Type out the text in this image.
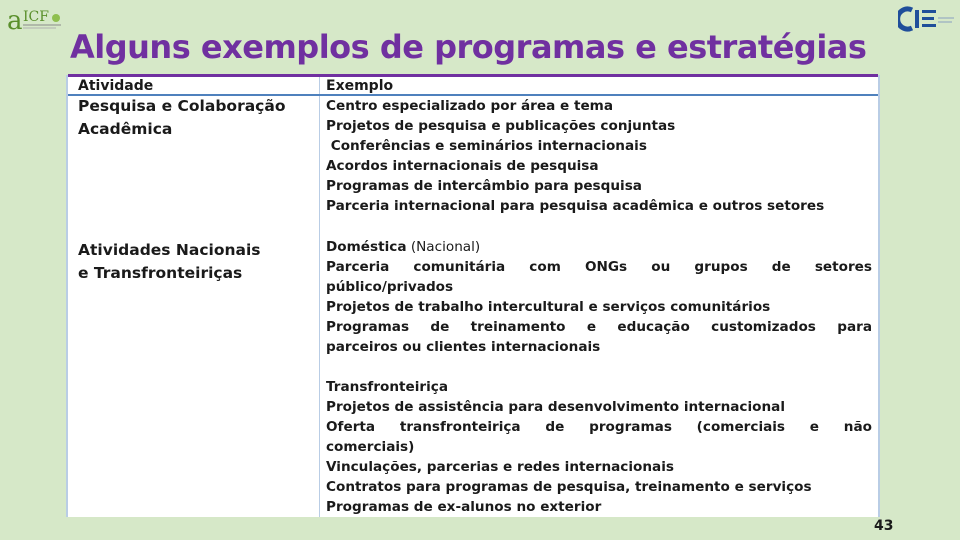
a ICF
Alguns exemplos de programas e estratégias
Atividade	Exemplo
Pesquisa e Colaboração
Acadêmica
Centro especializado por área e tema
Projetos de pesquisa e publicações conjuntas
Conferências e seminários internacionais
Acordos internacionais de pesquisa
Programas de intercâmbio para pesquisa
Parceria internacional para pesquisa acadêmica e outros setores
Atividades Nacionais
e Transfronteiriças
Doméstica (Nacional)
Parceria comunitária com ONGs ou grupos de setores
público/privados
Projetos de trabalho intercultural e serviços comunitários
Programas de treinamento e educação customizados para
parceiros ou clientes internacionais
Transfronteiriça
Projetos de assistência para desenvolvimento internacional
Oferta transfronteiriça de programas (comerciais e não
comerciais)
Vinculações, parcerias e redes internacionais
Contratos para programas de pesquisa, treinamento e serviços
Programas de ex-alunos no exterior
43
